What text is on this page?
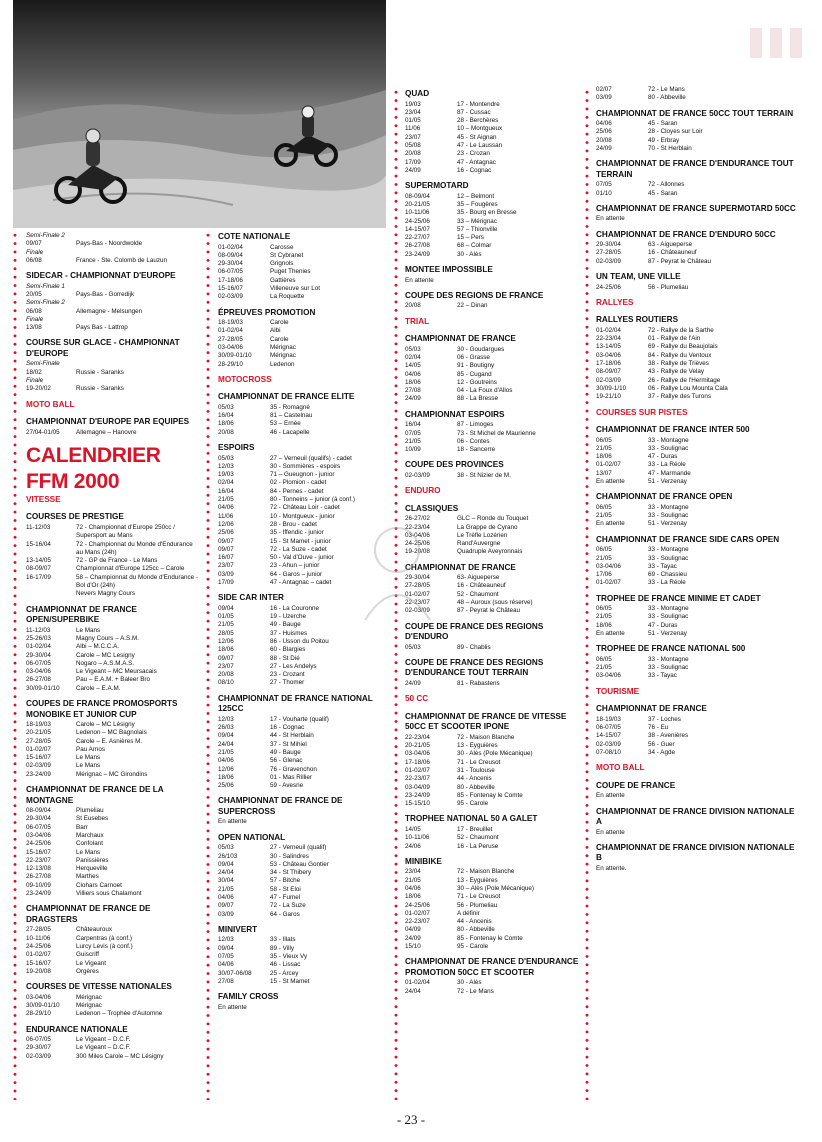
Semi-Finale 2
09/07	Pays-Bas - Noordwolde
Finale
06/08	France - Ste. Colomb de Lauzun
SIDECAR - CHAMPIONNAT D'EUROPE
Semi-Finale 1
20/05	Pays-Bas - Gorredijk
Semi-Finale 2
06/08	Allemagne - Melsungen
Finale
13/08	Pays Bas - Lattrop
COURSE SUR GLACE - CHAMPIONNAT D'EUROPE
Semi-Finale
18/02	Russie - Saranks
Finale
19-20/02	Russie - Saranks
MOTO BALL
CHAMPIONNAT D'EUROPE PAR EQUIPES
27/04-01/05	Allemagne – Hanovre
CALENDRIER FFM 2000
VITESSE
COURSES DE PRESTIGE
11-12/03	72 - Championnat d'Europe 250cc / Supersport au Mans
15-16/04	72 - Championnat du Monde d'Endurance au Mans (24h)
13-14/05	72 - GP de France - Le Mans
08-09/07	Championnat d'Europe 125cc – Carole
16-17/09	58 – Championnat du Monde d'Endurance - Bol d'Or (24h)
Nevers Magny Cours
CHAMPIONNAT DE FRANCE OPEN/SUPERBIKE
11-12/03	Le Mans
25-26/03	Magny Cours – A.S.M.
01-02/04	Albi – M.C.C.A.
29-30/04	Carole – MC Lesigny
06-07/05	Nogaro – A.S.M.A.S.
03-04/06	Le Vigeant – MC Meursacais
26-27/08	Pau – E.A.M. + Baleer Bro
30/09-01/10	Carole – E.A.M.
COUPES DE FRANCE PROMOSPORTS MONOBIKE ET JUNIOR CUP
18-19/03	Carole – MC Lésigny
20-21/05	Ledenon – MC Bagnolais
27-28/05	Carole – E. Asnières M.
01-02/07	Pau Arnos
15-16/07	Le Mans
02-03/09	Le Mans
23-24/09	Mérignac – MC Girondins
CHAMPIONNAT DE FRANCE DE LA MONTAGNE
08-09/04	Plumeliau
29-30/04	St Eusebes
06-07/05	Barr
03-04/06	Marchaux
24-25/06	Confolant
15-16/07	Le Mans
22-23/07	Panissières
12-13/08	Herqueville
26-27/08	Marthes
09-10/09	Clohars Carnoet
23-24/09	Villiers sous Chalamont
CHAMPIONNAT DE FRANCE DE DRAGSTERS
27-28/05	Châteauroux
10-11/06	Carpentras (à conf.)
24-25/06	Lurcy Levis (à conf.)
01-02/07	Guiscriff
15-16/07	Le Vigeant
19-20/08	Orgères
COURSES DE VITESSE NATIONALES
03-04/06	Mérignac
30/09-01/10	Mérignac
28-29/10	Ledenon – Trophée d'Automne
ENDURANCE NATIONALE
06-07/05	Le Vigeant – D.C.F.
29-30/07	Le Vigeant – D.C.F.
02-03/09	300 Miles Carole – MC Lésigny
COTE NATIONALE
01-02/04	Carosse
08-09/04	St Cybranet
29-30/04	Grignols
06-07/05	Puget Thenies
17-18/06	Gattières
15-16/07	Villeneuve sur Lot
02-03/09	La Roquette
ÉPREUVES PROMOTION
18-19/03	Carole
01-02/04	Albi
27-28/05	Carole
03-04/06	Mérignac
30/09-01/10	Mérignac
28-29/10	Ledenon
MOTOCROSS
CHAMPIONNAT DE FRANCE ELITE
05/03	35 - Romagné
16/04	81 – Castelnau
18/06	53 – Ernée
20/08	46 - Lacapelle
ESPOIRS
05/03	27 – Verneuil (qualifs) - cadet
12/03	30 - Sommières - espoirs
19/03	71 – Gueugnon - junior
02/04	02 - Plomion - cadet
16/04	84 - Pernes - cadet
21/05	80 - Tonneins – junior (à conf.)
04/06	72 - Château Loir - cadet
11/06	10 - Montgueux - junior
12/06	28 - Brou - cadet
25/06	35 - Iffendic - junior
09/07	15 - St Mamet - junior
09/07	72 - La Suze - cadet
16/07	50 - Val d'Ouve - junior
23/07	23 - Ahun – junior
03/09	64 - Garos – junior
17/09	47 - Antagnac – cadet
SIDE CAR INTER
09/04	16 - La Couronne
01/05	19 - Uzerche
21/05	49 - Bauge
28/05	37 - Huismes
12/06	86 - Usson du Poitou
18/06	60 - Blargies
09/07	88 - St Dié
23/07	27 - Les Andelys
20/08	23 - Crozant
08/10	27 - Thomer
CHAMPIONNAT DE FRANCE NATIONAL 125CC
12/03	17 - Vouharte (qualif)
26/03	16 - Cognac
09/04	44 - St Herblain
24/04	37 - St Mihiel
21/05	49 - Bauge
04/06	56 - Glenac
12/06	76 - Gravenchon
18/06	01 - Mas Rillier
25/06	59 - Avesne
CHAMPIONNAT DE FRANCE DE SUPERCROSS
En attente
OPEN NATIONAL
05/03	27 - Verneuil (qualif)
26/103	30 - Salindres
09/04	53 - Château Gontier
24/04	34 - St Thibery
30/04	57 - Bitche
21/05	58 - St Eloi
04/06	47 - Fumel
09/07	72 - La Suze
03/09	64 - Garos
MINIVERT
12/03	33 - Illats
09/04	89 - Villy
07/05	35 - Vieux Vy
04/06	46 - Lissac
30/07-06/08	25 - Arcey
27/08	15 - St Mamet
FAMILY CROSS
En attente
QUAD
19/03	17 - Montendre
23/04	87 - Cussac
01/05	28 - Berchères
11/06	10 – Montgueux
23/07	45 - St Aignan
05/08	47 - Le Laussan
20/08	23 - Crozan
17/09	47 - Antagnac
24/09	16 - Cognac
SUPERMOTARD
08-09/04	12 – Belmont
20-21/05	35 – Fougères
10-11/06	35 - Bourg en Bresse
24-25/06	33 – Mérignac
14-15/07	57 – Thionville
22-27/07	15 – Pers
26-27/08	68 – Colmar
23-24/09	30 - Alès
MONTEE IMPOSSIBLE
En attente
COUPE DES REGIONS DE FRANCE
20/08	22 – Dinan
TRIAL
CHAMPIONNAT DE FRANCE
05/03	30 - Goudargues
02/04	06 - Grasse
14/05	91 - Boutigny
04/06	85 - Cugand
18/06	12 - Goutreins
27/08	04 - La Foux d'Allos
24/09	88 - La Bresse
CHAMPIONNAT ESPOIRS
16/04	87 - Limoges
07/05	73 - St Michel de Maurienne
21/05	06 - Contes
10/09	18 - Sancerre
COUPE DES PROVINCES
02-03/09	38 - St Nizier de M.
ENDURO
CLASSIQUES
26-27/02	GLC – Ronde du Touquet
22-23/04	La Grappe de Cyrano
03-04/06	Le Trèfle Lozérien
24-25/06	Rand'Auvergne
19-20/08	Quadruple Aveyronnais
CHAMPIONNAT DE FRANCE
29-30/04	63- Aigueperse
27-28/05	16 - Châteauneuf
01-02/07	52 - Chaumont
22-23/07	48 – Auroux (sous réserve)
02-03/09	87 - Peyrat le Château
COUPE DE FRANCE DES REGIONS D'ENDURO
05/03	89 - Chablis
COUPE DE FRANCE DES REGIONS D'ENDURANCE TOUT TERRAIN
24/09	81 - Rabastens
50 CC
CHAMPIONNAT DE FRANCE DE VITESSE 50CC ET SCOOTER IPONE
22-23/04	72 - Maison Blanche
20-21/05	13 - Eyguières
03-04/06	30 - Alès (Pole Mécanique)
17-18/06	71 - Le Creusot
01-02/07	31 - Toulouse
22-23/07	44 - Ancenis
03-04/09	80 - Abbeville
23-24/09	85 - Fontenay le Comte
15-15/10	95 - Carole
TROPHEE NATIONAL 50 A GALET
14/05	17 - Breuillet
10-11/06	52 - Chaumont
24/06	16 - La Peruse
MINIBIKE
23/04	72 - Maison Blanche
21/05	13 - Eyguières
04/06	30 – Alès (Pole Mécanique)
18/06	71 - Le Creusot
24-25/06	56 - Plumeliau
01-02/07	A définir
22-23/07	44 - Ancenis
04/09	80 - Abbeville
24/09	85 - Fontenay le Comte
15/10	95 - Carole
CHAMPIONNAT DE FRANCE D'ENDURANCE PROMOTION 50CC ET SCOOTER
01-02/04	30 - Alès
24/04	72 - Le Mans
02/07	72 - Le Mans
03/09	80 - Abbeville
CHAMPIONNAT DE FRANCE 50CC TOUT TERRAIN
04/06	45 - Saran
25/06	28 - Cloyes sur Loir
20/08	49 - Erbray
24/09	70 - St Herblain
CHAMPIONNAT DE FRANCE D'ENDURANCE TOUT TERRAIN
07/05	72 - Allonnes
01/10	45 - Saran
CHAMPIONNAT DE FRANCE SUPERMOTARD 50CC
En attente
CHAMPIONNAT DE FRANCE D'ENDURO 50CC
29-30/04	63 - Aigueperse
27-28/05	16 - Châteauneuf
02-03/09	87 - Peyrat le Château
UN TEAM, UNE VILLE
24-25/06	56 - Plumeliau
RALLYES
RALLYES ROUTIERS
01-02/04	72 - Rallye de la Sarthe
22-23/04	01 - Rallye de l'Ain
13-14/05	69 - Rallye du Beaujolais
03-04/06	84 - Rallye du Ventoux
17-18/06	38 - Rallye de Trièves
08-09/07	43 - Rallye de Velay
02-03/09	26 - Rallye de l'Hermitage
30/09-1/10	06 - Rallye Lou Mounta Cala
19-21/10	37 - Rallye des Turons
COURSES SUR PISTES
CHAMPIONNAT DE FRANCE INTER 500
06/05	33 - Montagne
21/05	33 - Soulignac
18/06	47 - Duras
01-02/07	33 - La Réole
13/07	47 - Marmande
En attente	51 - Verzenay
CHAMPIONNAT DE FRANCE OPEN
06/05	33 - Montagne
21/05	33 - Soulignac
En attente	51 - Verzenay
CHAMPIONNAT DE FRANCE SIDE CARS OPEN
06/05	33 - Montagne
21/05	33 - Soulignac
03-04/06	33 - Tayac
17/06	69 - Chassieu
01-02/07	33 - La Réole
TROPHEE DE FRANCE MINIME ET CADET
06/05	33 - Montagne
21/05	33 - Soulignac
18/06	47 - Duras
En attente	51 - Verzenay
TROPHEE DE FRANCE NATIONAL 500
06/05	33 - Montagne
21/05	33 - Soulignac
03-04/06	33 - Tayac
TOURISME
CHAMPIONNAT DE FRANCE
18-19/03	37 - Loches
06-07/05	76 - Eu
14-15/07	38 - Avenières
02-03/09	56 - Guer
07-08/10	34 - Agde
MOTO BALL
COUPE DE FRANCE
En attente
CHAMPIONNAT DE FRANCE DIVISION NATIONALE A
En attente
CHAMPIONNAT DE FRANCE DIVISION NATIONALE B
En attente.
- 23 -
